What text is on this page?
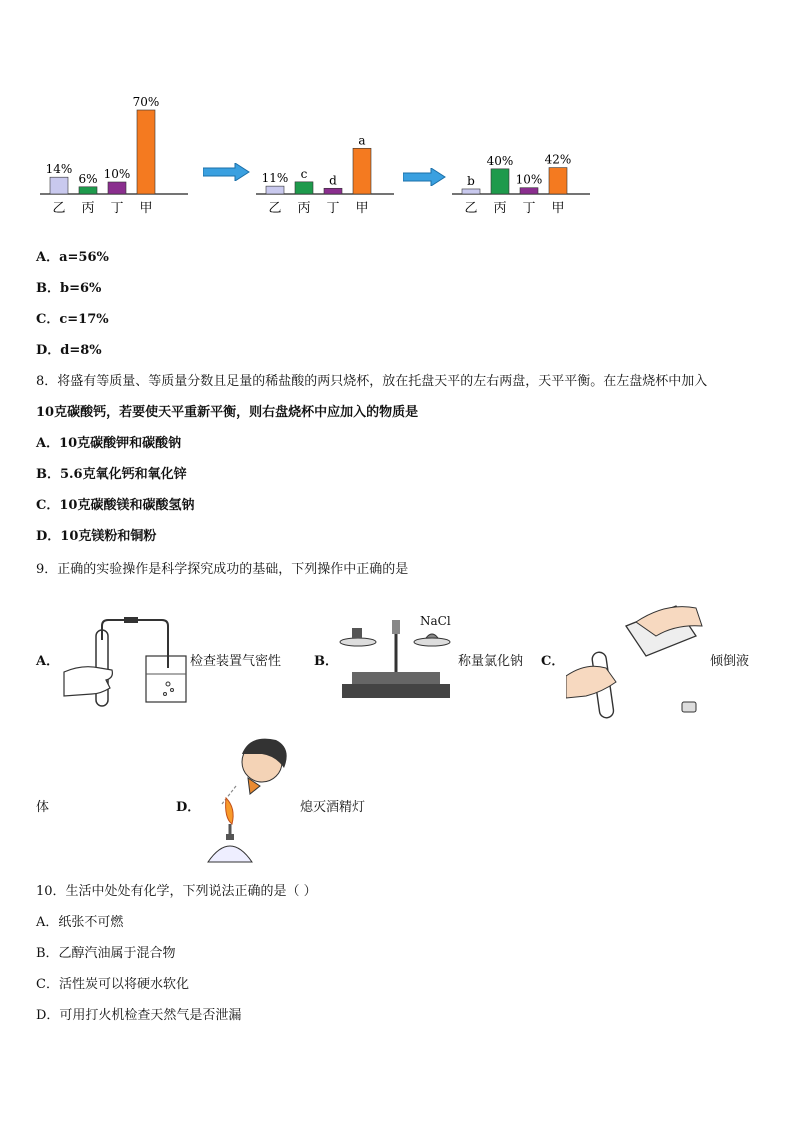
14%
乙
6%
丙
10%
丁
70%
甲
11%
乙
c
丙
d
丁
a
甲
b
乙
40%
丙
10%
丁
42%
甲
A．a=56%
B．b=6%
C．c=17%
D．d=8%
8．将盛有等质量、等质量分数且足量的稀盐酸的两只烧杯，放在托盘天平的左右两盘，天平平衡。在左盘烧杯中加入
10克碳酸钙，若要使天平重新平衡，则右盘烧杯中应加入的物质是
A．10克碳酸钾和碳酸钠
B．5.6克氧化钙和氧化锌
C．10克碳酸镁和碳酸氢钠
D．10克镁粉和铜粉
9．正确的实验操作是科学探究成功的基础，下列操作中正确的是
A．	检查装置气密性	B．
NaCl
称量氯化钠 C．	倾倒液
体	D．	熄灭酒精灯
10．生活中处处有化学，下列说法正确的是（ ）
A．纸张不可燃
B．乙醇汽油属于混合物
C．活性炭可以将硬水软化
D．可用打火机检查天然气是否泄漏
